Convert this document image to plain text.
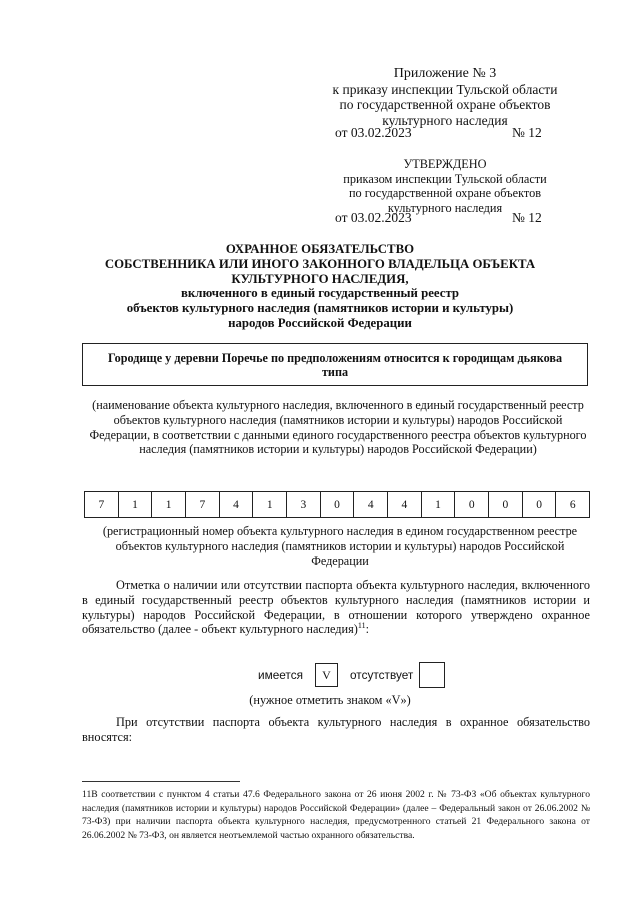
Приложение № 3
к приказу инспекции Тульской области
по государственной охране объектов
культурного наследия
от 03.02.2023	№ 12
УТВЕРЖДЕНО
приказом инспекции Тульской области
по государственной охране объектов
культурного наследия
от 03.02.2023	№ 12
ОХРАННОЕ ОБЯЗАТЕЛЬСТВО
СОБСТВЕННИКА ИЛИ ИНОГО ЗАКОННОГО ВЛАДЕЛЬЦА ОБЪЕКТА
КУЛЬТУРНОГО НАСЛЕДИЯ,
включенного в единый государственный реестр
объектов культурного наследия (памятников истории и культуры)
народов Российской Федерации
Городище у деревни Поречье по предположениям относится к городищам дьякова типа
(наименование объекта культурного наследия, включенного в единый государственный реестр объектов культурного наследия (памятников истории и культуры) народов Российской Федерации, в соответствии с данными единого государственного реестра объектов культурного наследия (памятников истории и культуры) народов Российской Федерации)
7	1	1	7	4	1	3	0	4	4	1	0	0	0	6
(регистрационный номер объекта культурного наследия в едином государственном реестре объектов культурного наследия (памятников истории и культуры) народов Российской Федерации
Отметка о наличии или отсутствии паспорта объекта культурного наследия, включенного в единый государственный реестр объектов культурного наследия (памятников истории и культуры) народов Российской Федерации, в отношении которого утверждено охранное обязательство (далее - объект культурного наследия)$^{11}$:
имеется V отсутствует
(нужное отметить знаком «V»)
При отсутствии паспорта объекта культурного наследия в охранное обязательство вносятся:
11В соответствии с пунктом 4 статьи 47.6 Федерального закона от 26 июня 2002 г. № 73-ФЗ «Об объектах культурного наследия (памятников истории и культуры) народов Российской Федерации» (далее – Федеральный закон от 26.06.2002 № 73-ФЗ) при наличии паспорта объекта культурного наследия, предусмотренного статьей 21 Федерального закона от 26.06.2002 № 73-ФЗ, он является неотъемлемой частью охранного обязательства.
